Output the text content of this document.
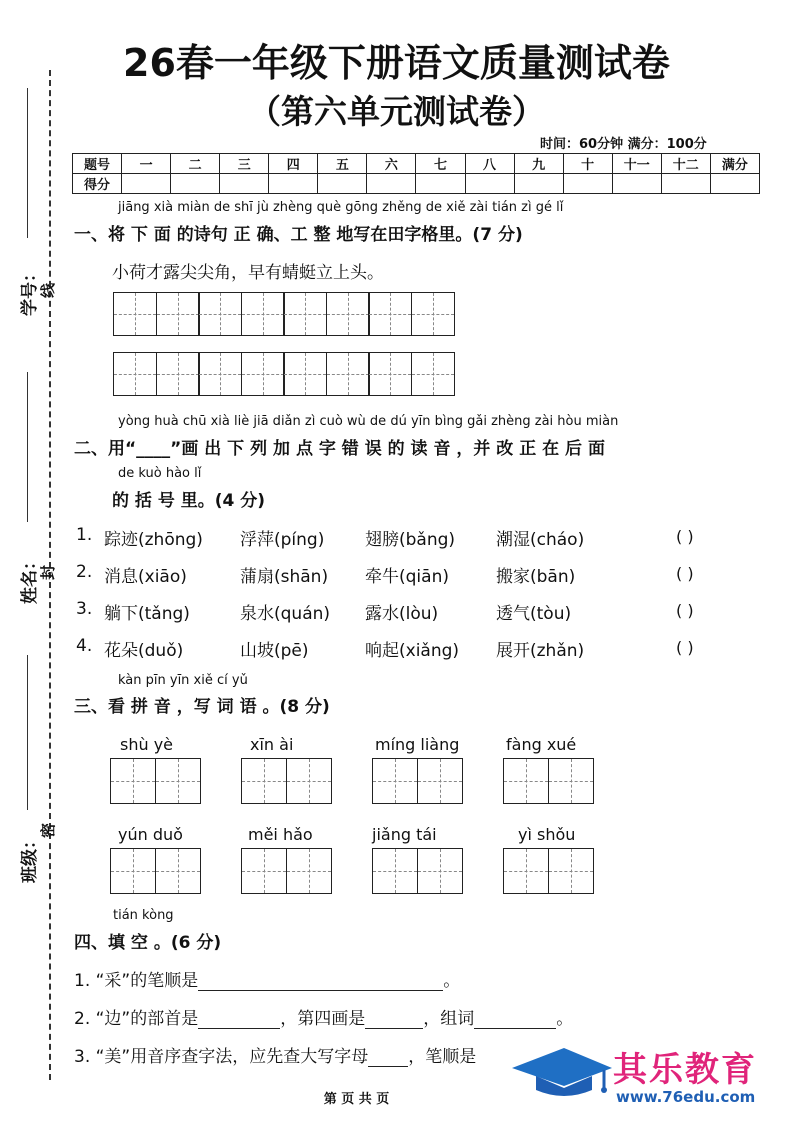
学号：
姓名：
班级：
线
封
密
26春一年级下册语文质量测试卷
（第六单元测试卷）
时间：60分钟 满分：100分
题号	一	二	三	四	五	六	七	八	九	十	十一	十二	满分
得分													
jiāng xià miàn de shī jù zhèng què gōng zhěng de xiě zài tián zì gé lǐ
一、将 下 面 的诗句 正 确、工 整 地写在田字格里。(7 分)
小荷才露尖尖角，早有蜻蜓立上头。
yòng huà chū xià liè jiā diǎn zì cuò wù de dú yīn bìng gǎi zhèng zài hòu miàn
二、用“____”画 出 下 列 加 点 字 错 误 的 读 音 ，并 改 正 在 后 面
de kuò hào lǐ
的 括 号 里。(4 分)
1. 踪迹(zhōng) 浮萍(píng) 翅膀(bǎng) 潮湿(cháo)	( )
2. 消息(xiāo)	蒲扇(shān) 牵牛(qiān)	搬家(bān)	( )
3. 躺下(tǎng)	泉水(quán) 露水(lòu)	透气(tòu)	( )
4. 花朵(duǒ)	山坡(pē)	响起(xiǎng) 展开(zhǎn)	( )
kàn pīn yīn xiě cí yǔ
三、看 拼 音 ，写 词 语 。(8 分)
shù yè	xīn ài	míng liàng	fàng xué
yún duǒ	měi hǎo	jiǎng tái	yì shǒu
tián kòng
四、填 空 。(6 分)
1. “采”的笔顺是	。
2. “边”的部首是	，第四画是	，组词	。
3. “美”用音序查字法，应先查大写字母 ，笔顺是	其乐教育
www.76edu.com
第 页 共 页
